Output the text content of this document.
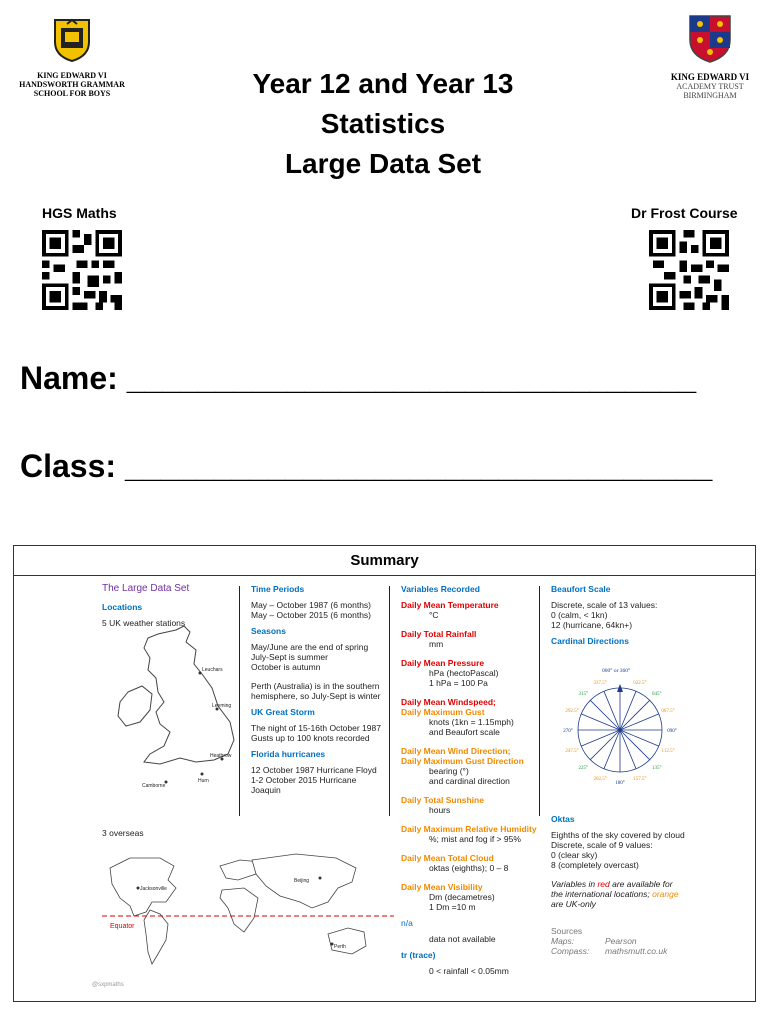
KING EDWARD VI
HANDSWORTH GRAMMAR
SCHOOL FOR BOYS
KING EDWARD VI
ACADEMY TRUST
BIRMINGHAM
Year 12 and Year 13
Statistics
Large Data Set
HGS Maths	Dr Frost Course
Name: ________________________________
Class: _________________________________
Summary
The Large Data Set
Locations
5 UK weather stations
Leuchars
Leeming
Heathrow
Camborne
Hurn
3 overseas
Jacksonville
Beijing
Perth
Equator
@sxpmaths
Time Periods
May – October 1987 (6 months)
May – October 2015 (6 months)
Seasons
May/June are the end of spring
July-Sept is summer
October is autumn
Perth (Australia) is in the southern
hemisphere, so July-Sept is winter
UK Great Storm
The night of 15-16th October 1987
Gusts up to 100 knots recorded
Florida hurricanes
12 October 1987 Hurricane Floyd
1-2 October 2015 Hurricane Joaquin
Variables Recorded
Daily Mean Temperature
°C
Daily Total Rainfall
mm
Daily Mean Pressure
hPa (hectoPascal)
1 hPa = 100 Pa
Daily Mean Windspeed;
Daily Maximum Gust
knots (1kn = 1.15mph)
and Beaufort scale
Daily Mean Wind Direction;
Daily Maximum Gust Direction
bearing (°)
and cardinal direction
Daily Total Sunshine
hours
Daily Maximum Relative Humidity
%; mist and fog if > 95%
Daily Mean Total Cloud
oktas (eighths); 0 – 8
Daily Mean Visibility
Dm (decametres)
1 Dm =10 m
n/a
data not available
tr (trace)
0 < rainfall < 0.05mm
Beaufort Scale
Discrete, scale of 13 values:
0 (calm, < 1kn)
12 (hurricane, 64kn+)
Cardinal Directions
022.5°
045°
067.5°
090°
112.5°
135°
157.5°
180°
202.5°
225°
247.5°
270°
292.5°
315°
337.5°
000° or 360°
Oktas
Eighths of the sky covered by cloud
Discrete, scale of 9 values:
0 (clear sky)
8 (completely overcast)
Variables in red are available for the international locations; orange are UK-only
Sources
Maps:	Pearson
Compass: mathsmutt.co.uk
